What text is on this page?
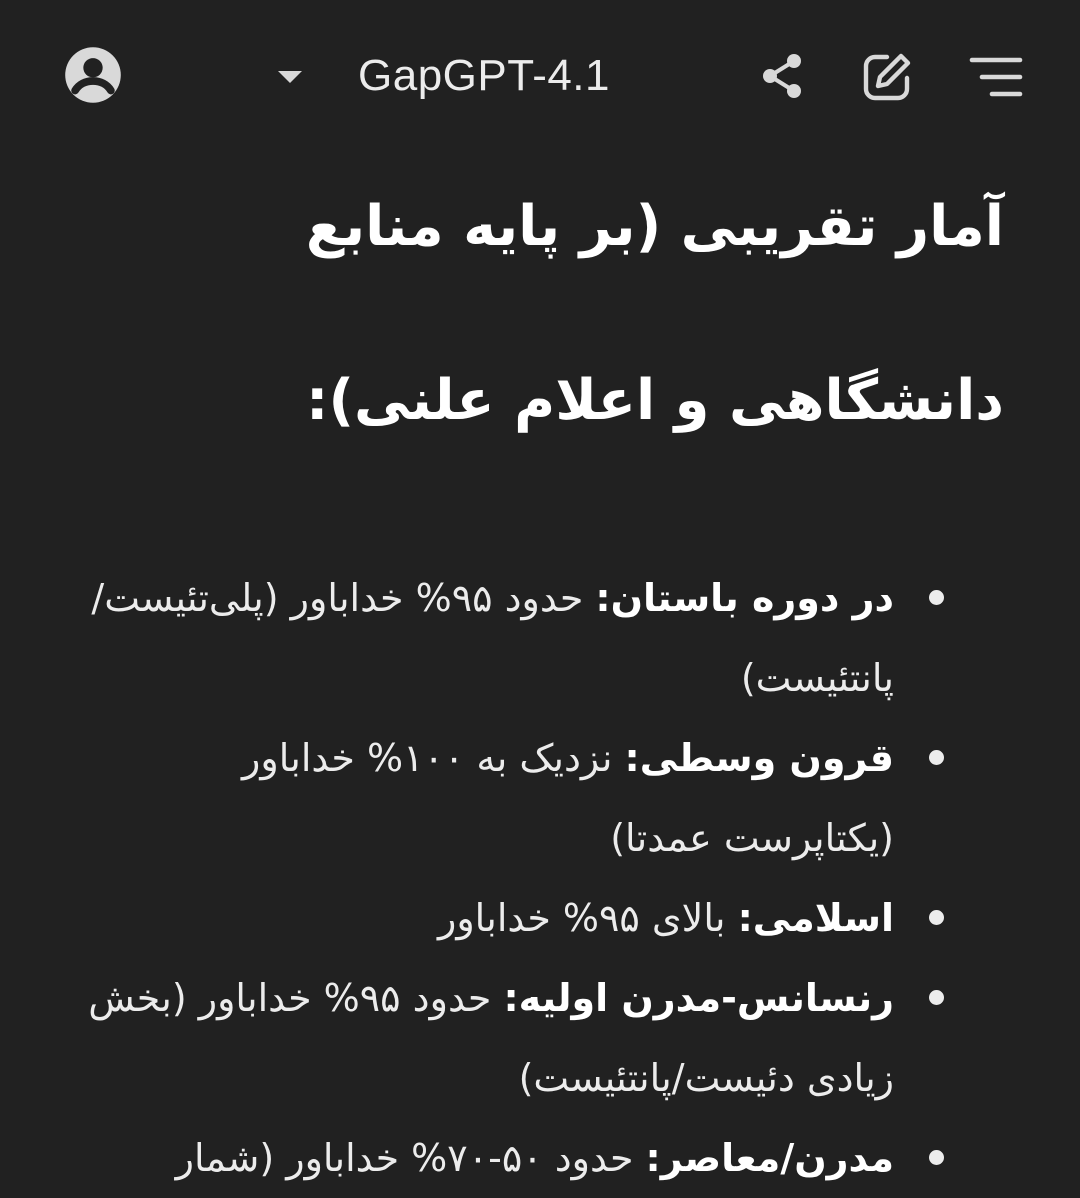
GapGPT-4.1
آمار تقریبی (بر پایه منابع دانشگاهی و اعلام علنی):
در دوره باستان: حدود ۹۵% خداباور (پلی‌تئیست/پانتئیست)
قرون وسطی: نزدیک به ۱۰۰% خداباور (یکتاپرست عمدتا)
اسلامی: بالای ۹۵% خداباور
رنسانس-مدرن اولیه: حدود ۹۵% خداباور (بخش زیادی دئیست/پانتئیست)
مدرن/معاصر: حدود ۵۰-۷۰% خداباور (شمار
